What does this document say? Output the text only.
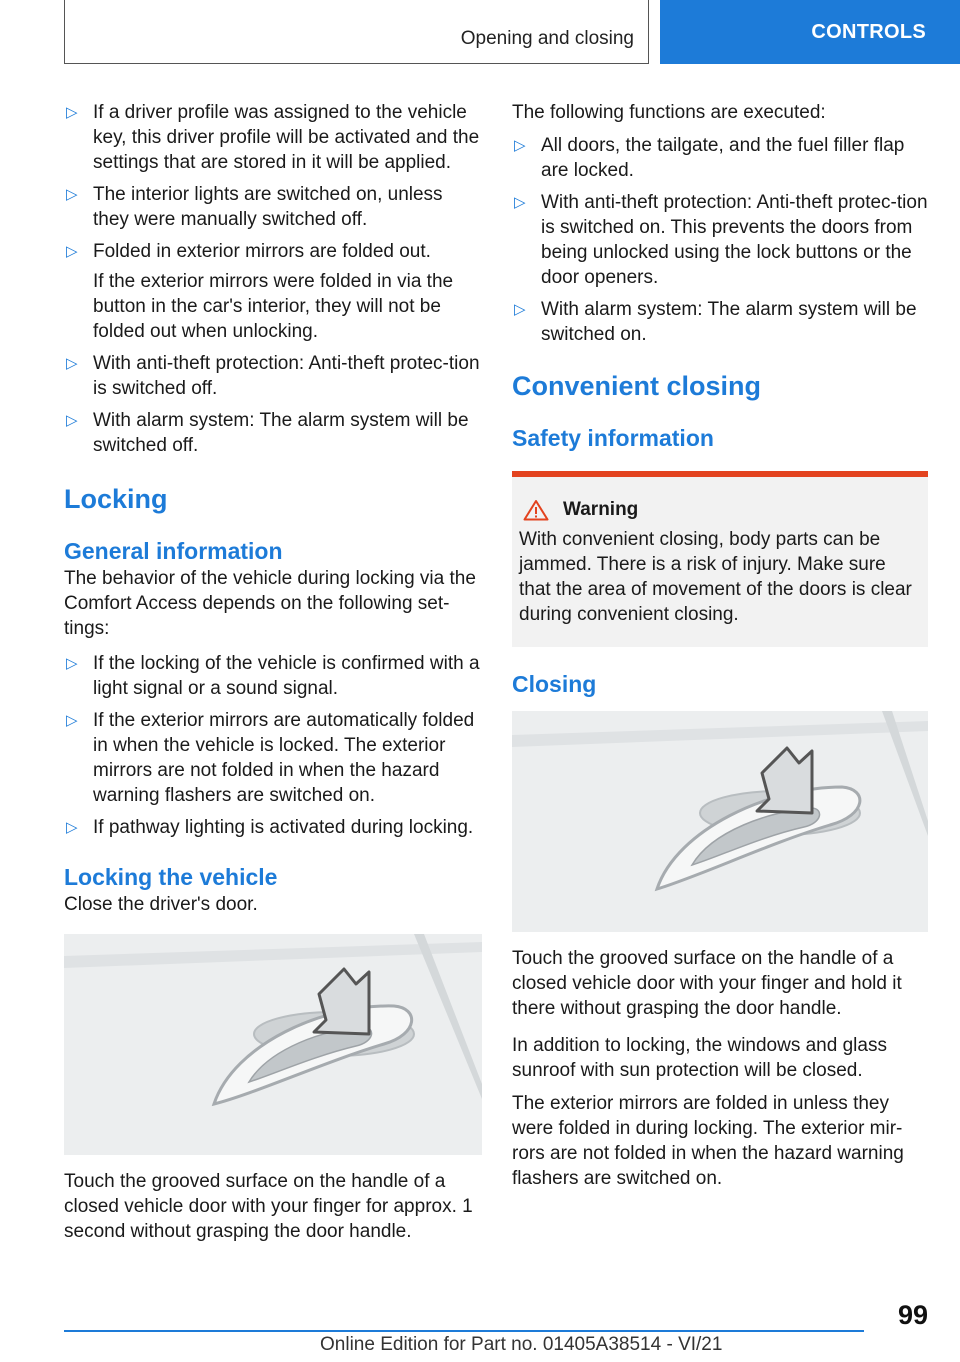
Opening and closing	CONTROLS
▷ If a driver profile was assigned to the vehicle key, this driver profile will be activated and the settings that are stored in it will be applied.
▷ The interior lights are switched on, unless they were manually switched off.
▷ Folded in exterior mirrors are folded out.

If the exterior mirrors were folded in via the button in the car's interior, they will not be folded out when unlocking.

▷ With anti-theft protection: Anti-theft protec-tion is switched off.
▷ With alarm system: The alarm system will be switched off.
Locking
General information

The behavior of the vehicle during locking via the Comfort Access depends on the following set-tings:

▷ If the locking of the vehicle is confirmed with a light signal or a sound signal.
▷ If the exterior mirrors are automatically folded in when the vehicle is locked. The exterior mirrors are not folded in when the hazard warning flashers are switched on.
▷ If pathway lighting is activated during locking.
Locking the vehicle

Close the driver's door.

Touch the grooved surface on the handle of a closed vehicle door with your finger for approx. 1 second without grasping the door handle.

The following functions are executed:

▷ All doors, the tailgate, and the fuel filler flap are locked.
▷ With anti-theft protection: Anti-theft protec-tion is switched on. This prevents the doors from being unlocked using the lock buttons or the door openers.
▷ With alarm system: The alarm system will be switched on.
Convenient closing
Safety information
Warning

With convenient closing, body parts can be jammed. There is a risk of injury. Make sure that the area of movement of the doors is clear during convenient closing.

Closing

Touch the grooved surface on the handle of a closed vehicle door with your finger and hold it there without grasping the door handle.

In addition to locking, the windows and glass sunroof with sun protection will be closed.

The exterior mirrors are folded in unless they were folded in during locking. The exterior mir-rors are not folded in when the hazard warning flashers are switched on.

99
Online Edition for Part no. 01405A38514 - VI/21
